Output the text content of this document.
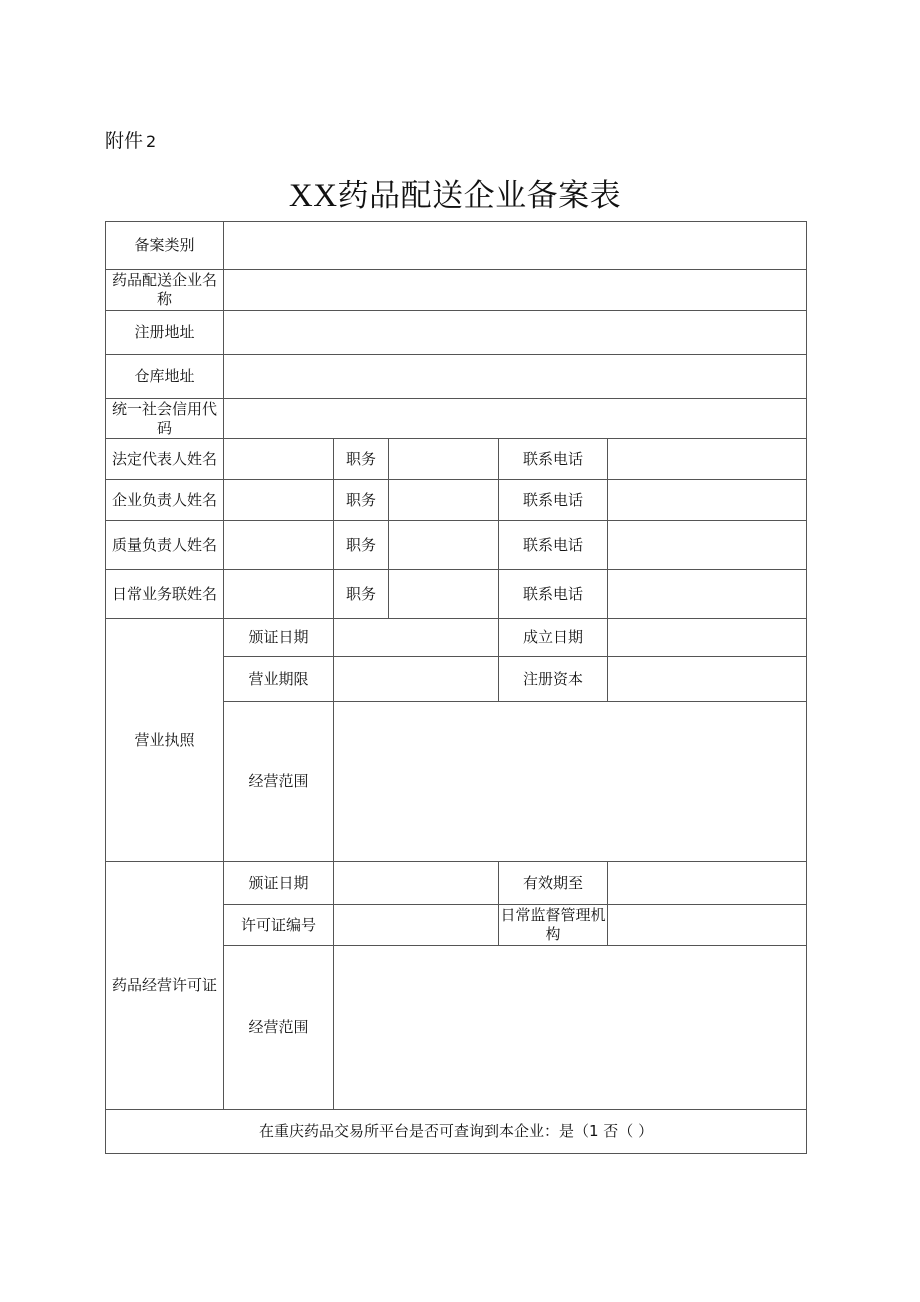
附件 2
XX药品配送企业备案表
备案类别					
药品配送企业名称					
注册地址					
仓库地址					
统一社会信用代码					
法定代表人姓名		职务		联系电话	
企业负责人姓名		职务		联系电话	
质量负责人姓名		职务		联系电话	
日常业务联姓名		职务		联系电话	
营业执照	颁证日期			成立日期	
	营业期限			注册资本	
	经营范围				

药品经营许可证	颁证日期			有效期至	
	许可证编号			日常监督管理机构	
	经营范围				

在重庆药品交易所平台是否可查询到本企业：是（1 否（ ）					
